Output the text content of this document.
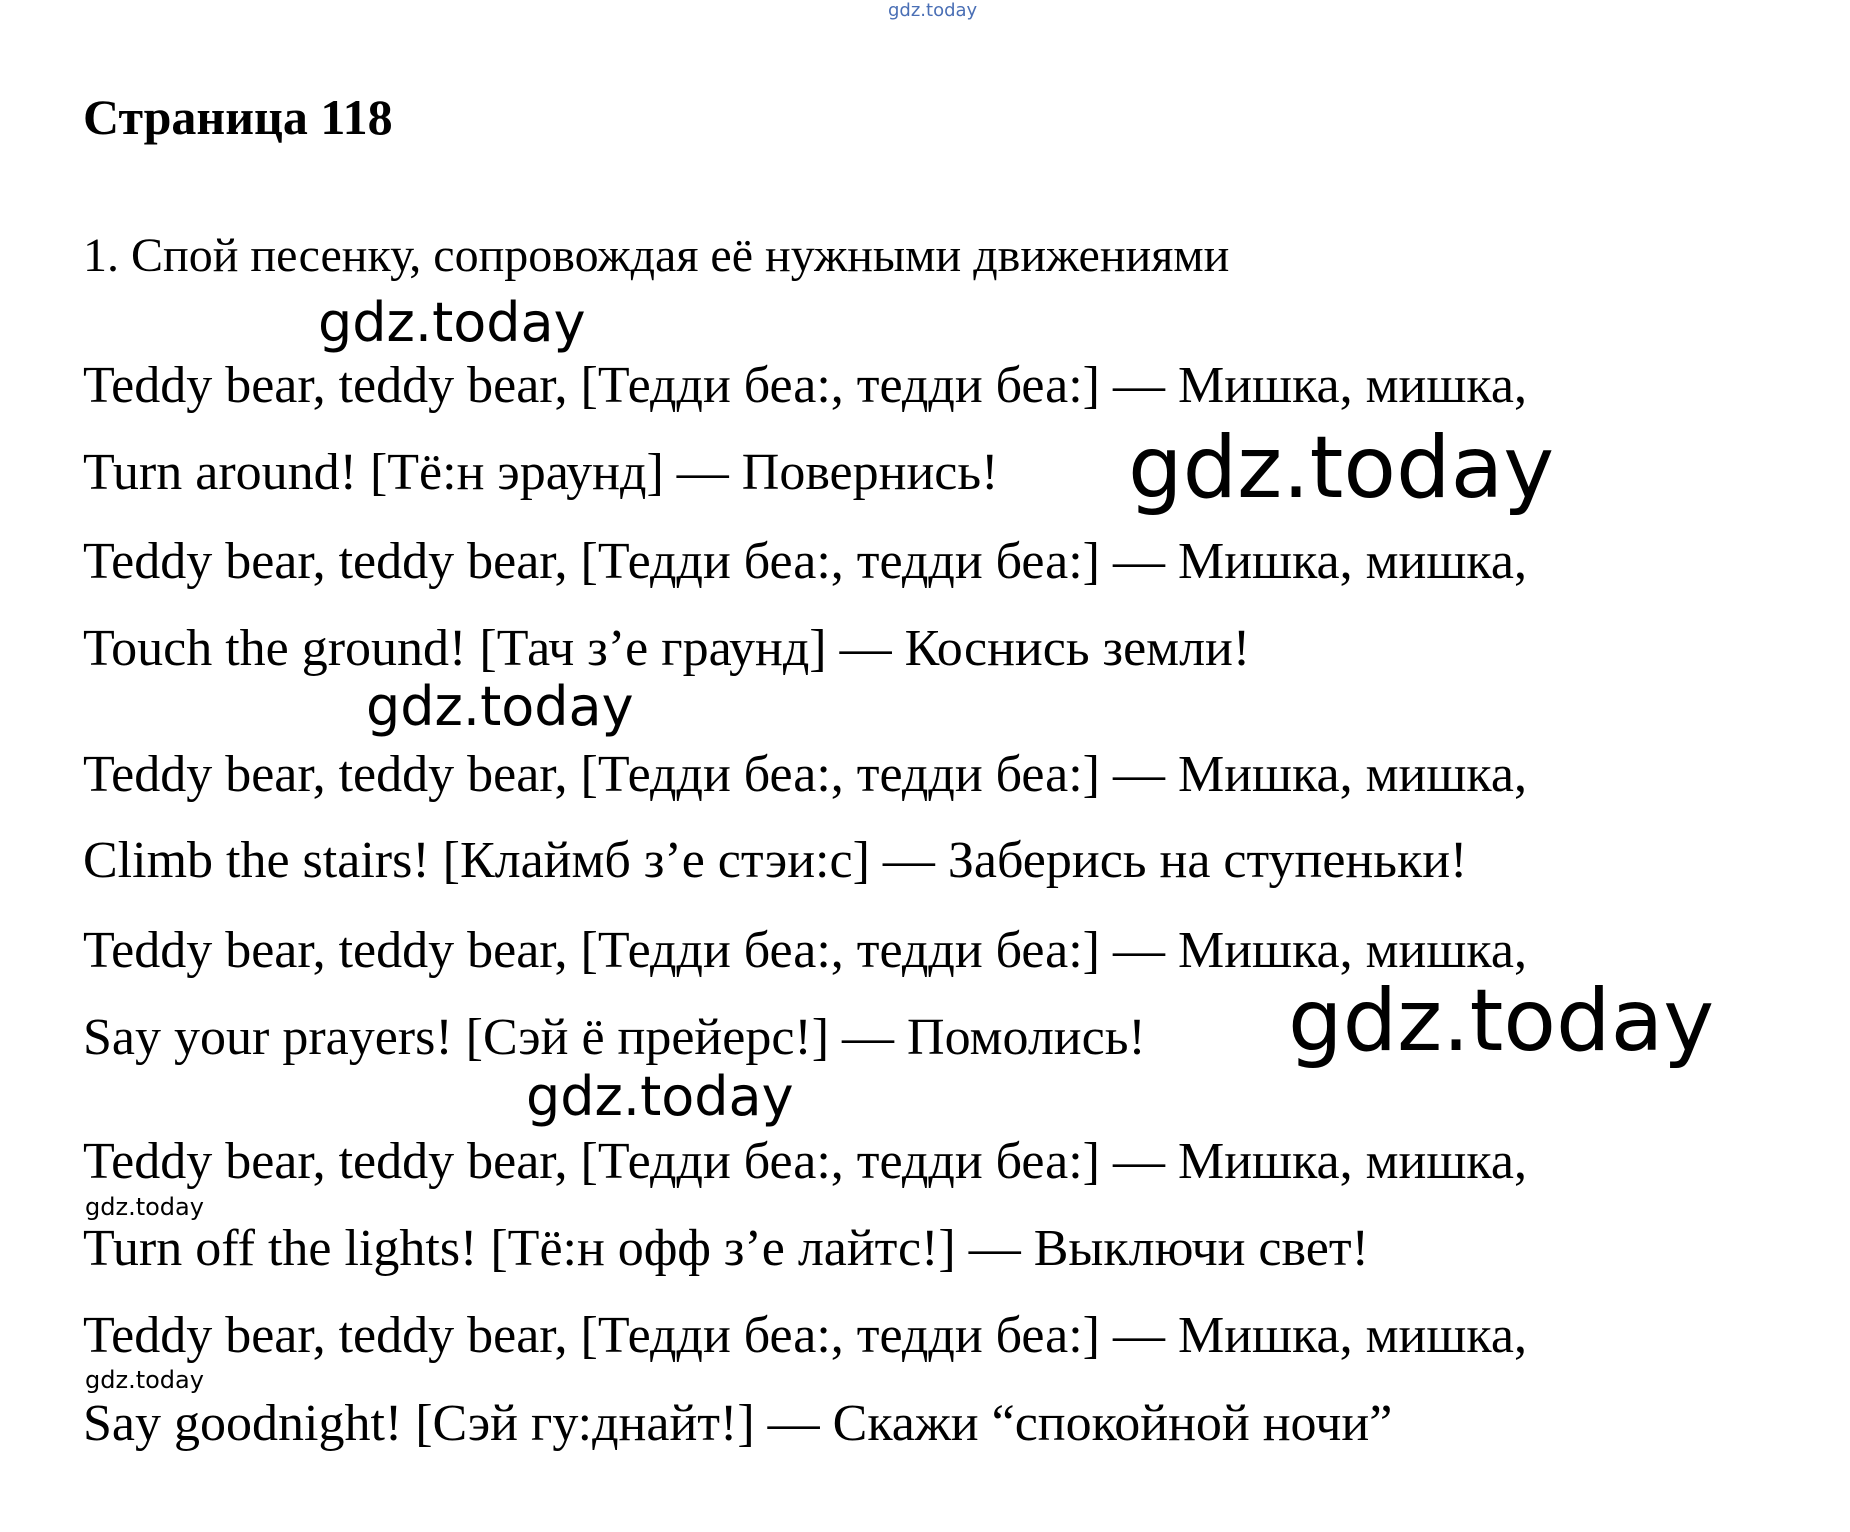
gdz.today
Страница 118
1. Спой песенку, сопровождая её нужными движениями
gdz.today
Teddy bear, teddy bear, [Тедди беа:, тедди беа:] — Мишка, мишка,
Turn around! [Тё:н эраунд] — Повернись! gdz.today
Teddy bear, teddy bear, [Тедди беа:, тедди беа:] — Мишка, мишка,
Touch the ground! [Тач з’е граунд] — Коснись земли!
gdz.today
Teddy bear, teddy bear, [Тедди беа:, тедди беа:] — Мишка, мишка,
Climb the stairs! [Клаймб з’е стэи:с] — Заберись на ступеньки!
Teddy bear, teddy bear, [Тедди беа:, тедди беа:] — Мишка, мишка,
Say your prayers! [Сэй ё прейерс!] — Помолись! gdz.today
gdz.today
Teddy bear, teddy bear, [Тедди беа:, тедди беа:] — Мишка, мишка,
gdz.today
Turn off the lights! [Тё:н офф з’е лайтс!] — Выключи свет!
Teddy bear, teddy bear, [Тедди беа:, тедди беа:] — Мишка, мишка,
gdz.today
Say goodnight! [Сэй гу:днайт!] — Скажи “спокойной ночи”
